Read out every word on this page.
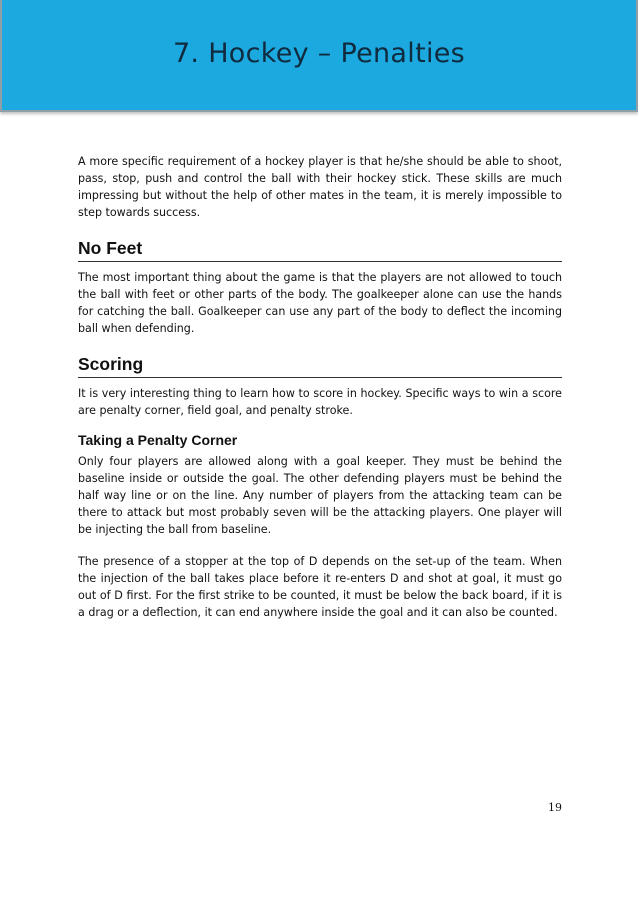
7. Hockey – Penalties

A more specific requirement of a hockey player is that he/she should be able to shoot, pass, stop, push and control the ball with their hockey stick. These skills are much impressing but without the help of other mates in the team, it is merely impossible to step towards success.

No Feet

The most important thing about the game is that the players are not allowed to touch the ball with feet or other parts of the body. The goalkeeper alone can use the hands for catching the ball. Goalkeeper can use any part of the body to deflect the incoming ball when defending.

Scoring

It is very interesting thing to learn how to score in hockey. Specific ways to win a score are penalty corner, field goal, and penalty stroke.

Taking a Penalty Corner

Only four players are allowed along with a goal keeper. They must be behind the baseline inside or outside the goal. The other defending players must be behind the half way line or on the line. Any number of players from the attacking team can be there to attack but most probably seven will be the attacking players. One player will be injecting the ball from baseline.

The presence of a stopper at the top of D depends on the set-up of the team. When the injection of the ball takes place before it re-enters D and shot at goal, it must go out of D first. For the first strike to be counted, it must be below the back board, if it is a drag or a deflection, it can end anywhere inside the goal and it can also be counted.

19
